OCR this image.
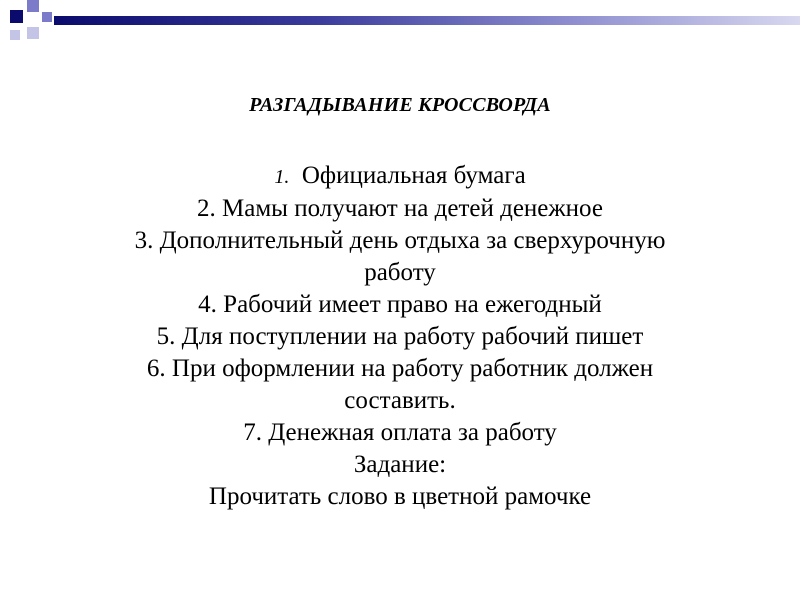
РАЗГАДЫВАНИЕ КРОССВОРДА
1. Официальная бумага
2. Мамы получают на детей денежное
3. Дополнительный день отдыха за сверхурочную
работу
4. Рабочий имеет право на ежегодный
5. Для поступлении на работу рабочий пишет
6. При оформлении на работу работник должен
составить.
7. Денежная оплата за работу
Задание:
Прочитать слово в цветной рамочке
